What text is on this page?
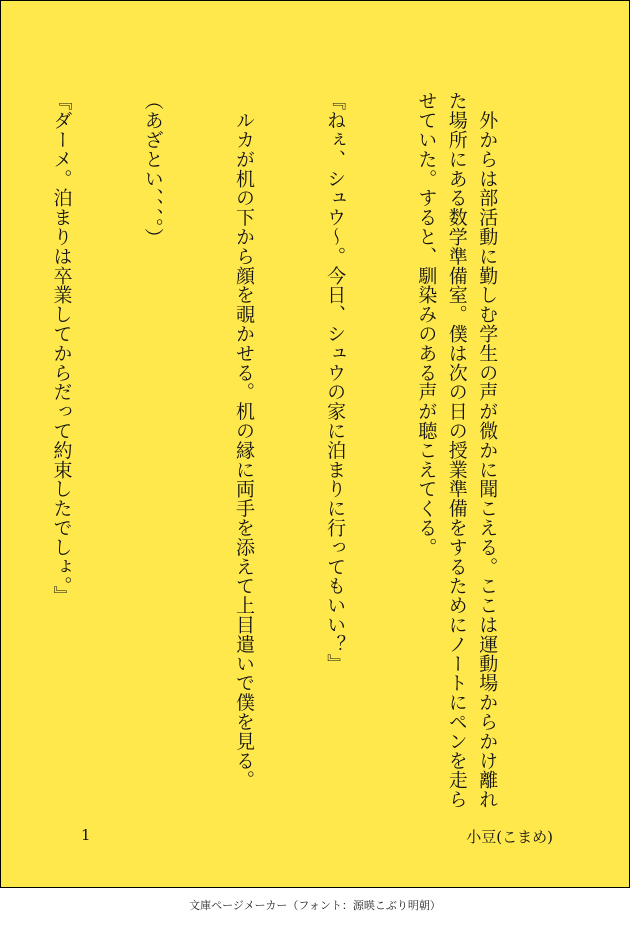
　外からは部活動に勤しむ学生の声が微かに聞こえる。ここは運動場からかけ離れた場所にある数学準備室。僕は次の日の授業準備をするためにノートにペンを走らせていた。すると、馴染みのある声が聴こえてくる。

『ねぇ、シュウ〜。今日、シュウの家に泊まりに行ってもいい？』

　ルカが机の下から顔を覗かせる。机の縁に両手を添えて上目遣いで僕を見る。

（あざとい、、、。）

『ダーメ。泊まりは卒業してからだって約束したでしょ。』

1	小豆(こまめ)
文庫ページメーカー（フォント：源暎こぶり明朝）
